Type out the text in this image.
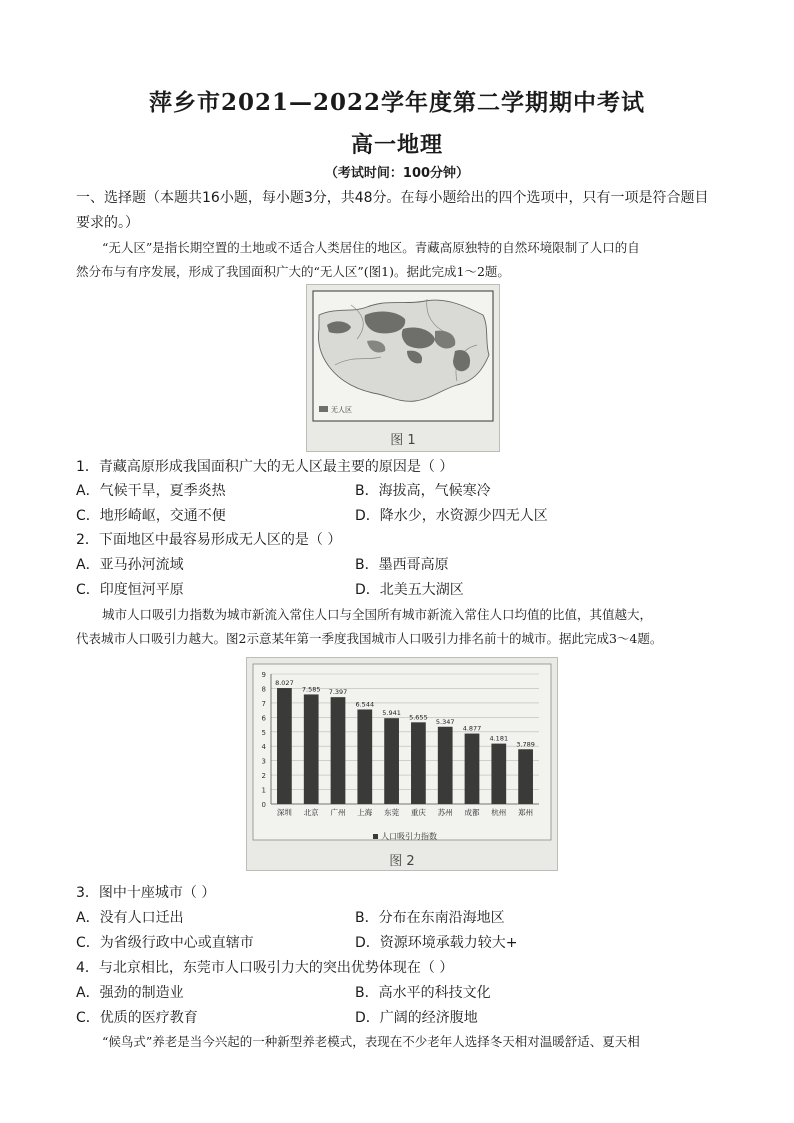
萍乡市2021—2022学年度第二学期期中考试
高一地理
（考试时间：100分钟）
一、选择题（本题共16小题，每小题3分，共48分。在每小题给出的四个选项中，只有一项是符合题目
要求的。）
“无人区”是指长期空置的土地或不适合人类居住的地区。青藏高原独特的自然环境限制了人口的自
然分布与有序发展，形成了我国面积广大的“无人区”(图1)。据此完成1～2题。
无人区
图 1
1．青藏高原形成我国面积广大的无人区最主要的原因是（ ）
A．气候干旱，夏季炎热	B．海拔高，气候寒冷
C．地形崎岖，交通不便	D．降水少，水资源少四无人区
2．下面地区中最容易形成无人区的是（ ）
A．亚马孙河流域	B．墨西哥高原
C．印度恒河平原	D．北美五大湖区
城市人口吸引力指数为城市新流入常住人口与全国所有城市新流入常住人口均值的比值，其值越大，
代表城市人口吸引力越大。图2示意某年第一季度我国城市人口吸引力排名前十的城市。据此完成3～4题。
0
1
2
3
4
5
6
7
8
9
8.027
7.585 7.397
6.544
5.941
5.655
5.347
4.877
4.181
3.789
深圳 北京 广州 上海 东莞 重庆 苏州 成都 杭州 郑州
人口吸引力指数
图 2
3．图中十座城市（ ）
A．没有人口迁出	B．分布在东南沿海地区
C．为省级行政中心或直辖市	D．资源环境承载力较大+
4．与北京相比，东莞市人口吸引力大的突出优势体现在（ ）
A．强劲的制造业	B．高水平的科技文化
C．优质的医疗教育	D．广阔的经济腹地
“候鸟式”养老是当今兴起的一种新型养老模式，表现在不少老年人选择冬天相对温暖舒适、夏天相
